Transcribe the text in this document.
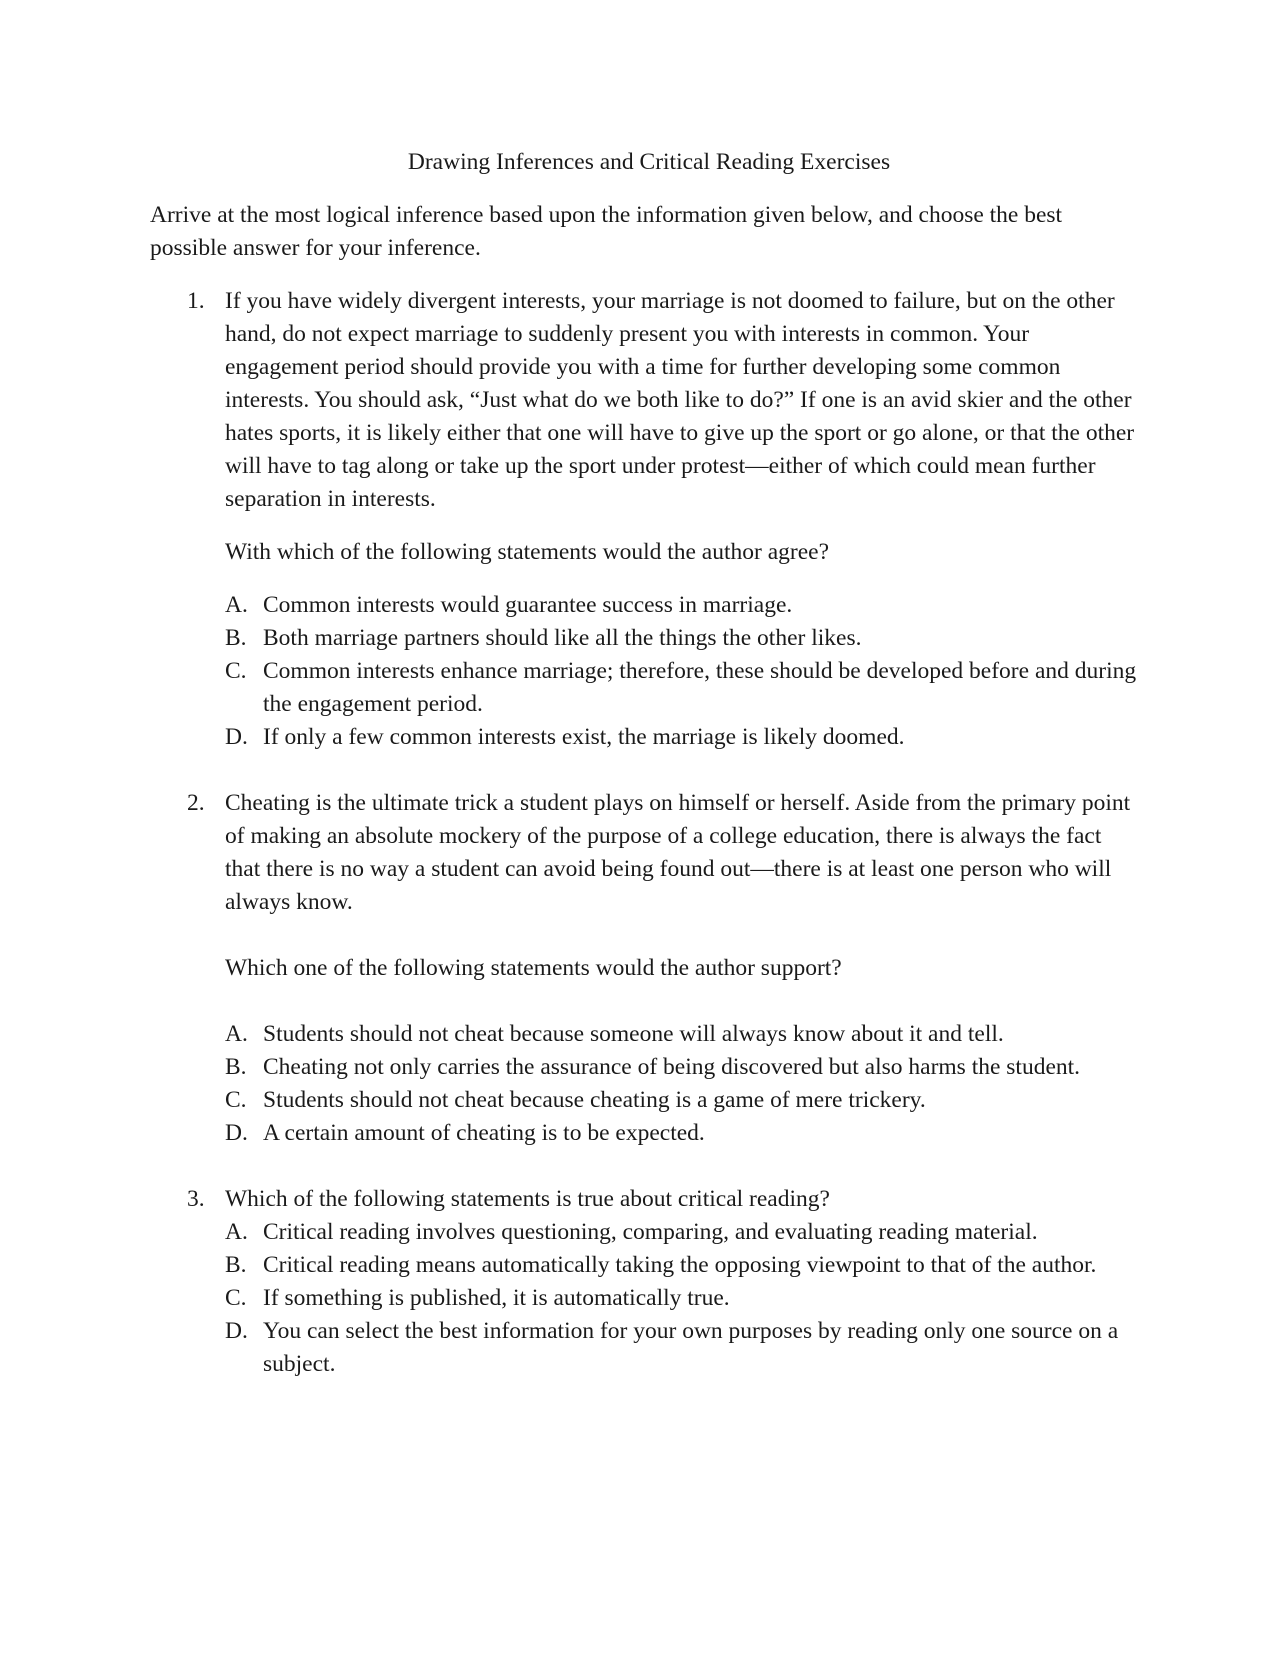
Drawing Inferences and Critical Reading Exercises

Arrive at the most logical inference based upon the information given below, and choose the best possible answer for your inference.

1. If you have widely divergent interests, your marriage is not doomed to failure, but on the other hand, do not expect marriage to suddenly present you with interests in common. Your engagement period should provide you with a time for further developing some common interests. You should ask, “Just what do we both like to do?” If one is an avid skier and the other hates sports, it is likely either that one will have to give up the sport or go alone, or that the other will have to tag along or take up the sport under protest—either of which could mean further separation in interests.

With which of the following statements would the author agree?

A. Common interests would guarantee success in marriage.
B. Both marriage partners should like all the things the other likes.
C. Common interests enhance marriage; therefore, these should be developed before and during the engagement period.
D. If only a few common interests exist, the marriage is likely doomed.
2. Cheating is the ultimate trick a student plays on himself or herself. Aside from the primary point of making an absolute mockery of the purpose of a college education, there is always the fact that there is no way a student can avoid being found out—there is at least one person who will always know.

Which one of the following statements would the author support?

A. Students should not cheat because someone will always know about it and tell.
B. Cheating not only carries the assurance of being discovered but also harms the student.
C. Students should not cheat because cheating is a game of mere trickery.
D. A certain amount of cheating is to be expected.
3. Which of the following statements is true about critical reading?

A. Critical reading involves questioning, comparing, and evaluating reading material.
B. Critical reading means automatically taking the opposing viewpoint to that of the author.
C. If something is published, it is automatically true.
D. You can select the best information for your own purposes by reading only one source on a subject.
